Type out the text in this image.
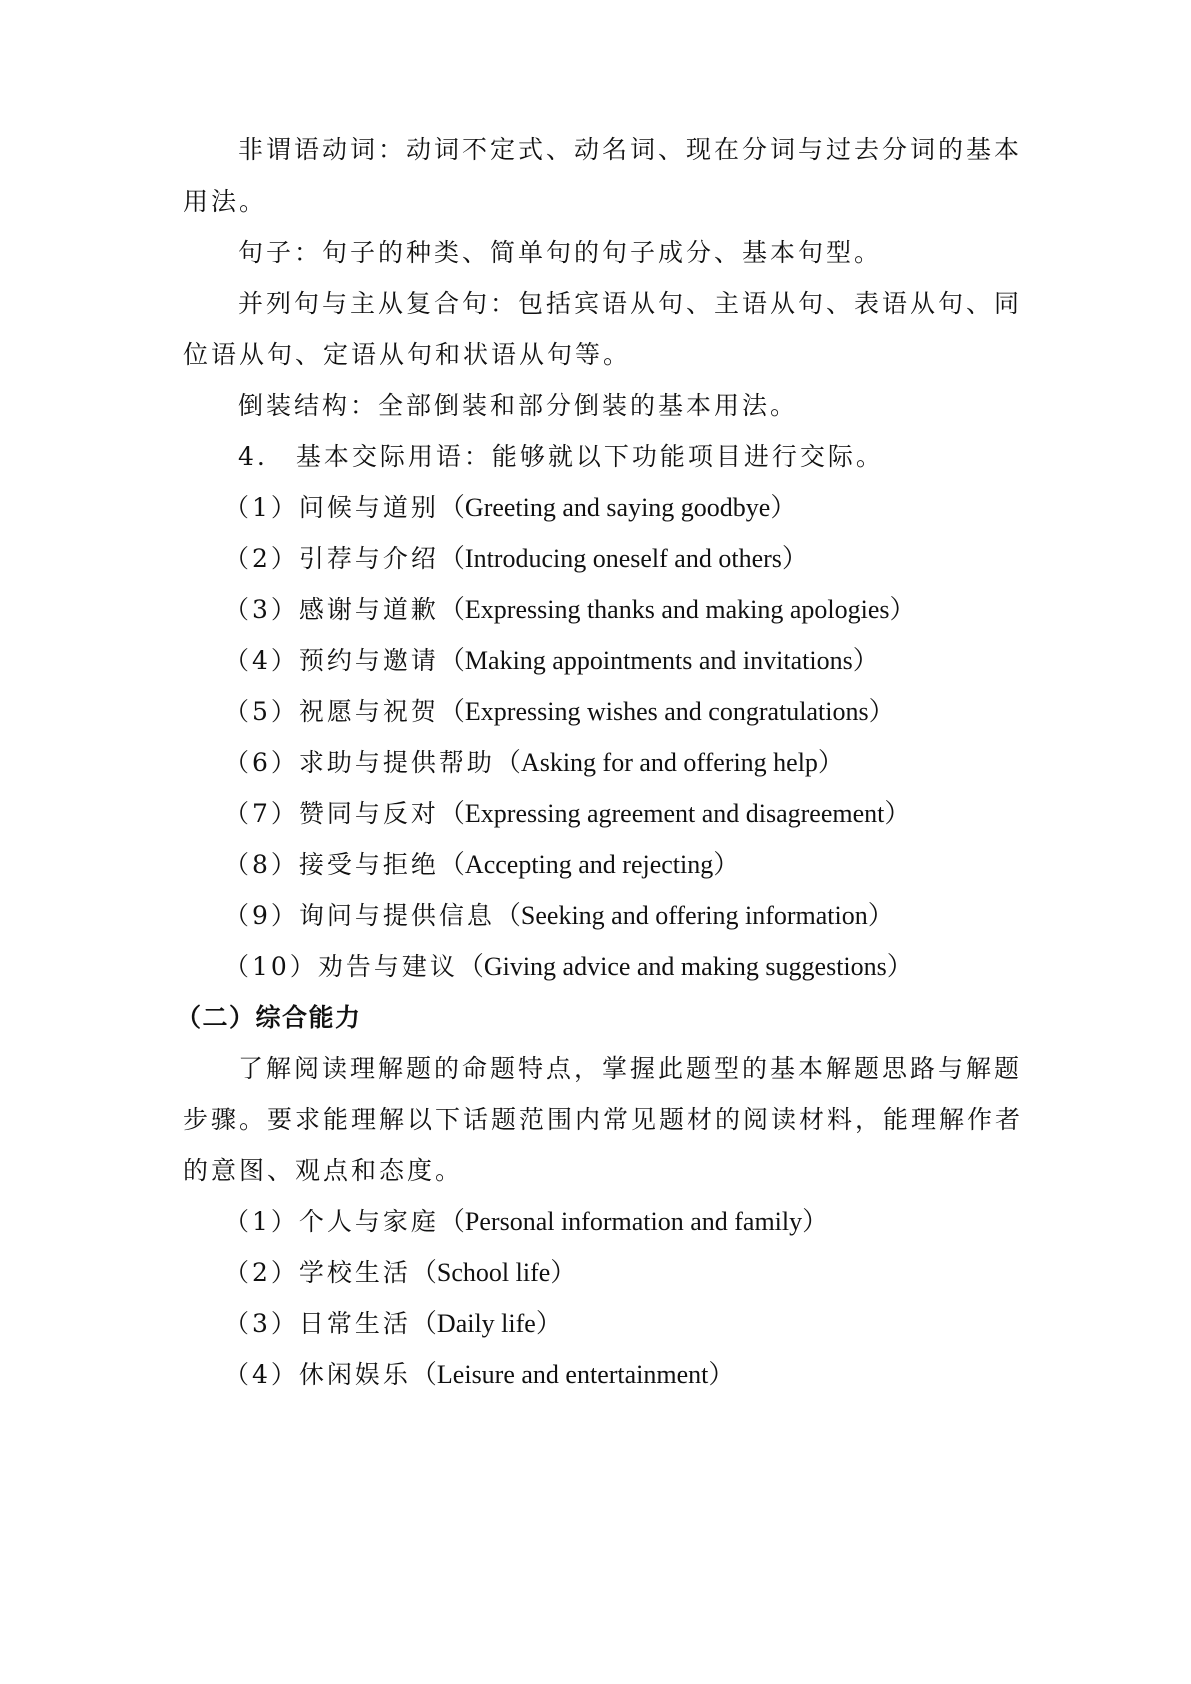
非谓语动词：动词不定式、动名词、现在分词与过去分词的基本
用法。
句子：句子的种类、简单句的句子成分、基本句型。
并列句与主从复合句：包括宾语从句、主语从句、表语从句、同
位语从句、定语从句和状语从句等。
倒装结构：全部倒装和部分倒装的基本用法。
4.　基本交际用语：能够就以下功能项目进行交际。
（1）问候与道别（Greeting and saying goodbye）
（2）引荐与介绍（Introducing oneself and others）
（3）感谢与道歉（Expressing thanks and making apologies）
（4）预约与邀请（Making appointments and invitations）
（5）祝愿与祝贺（Expressing wishes and congratulations）
（6）求助与提供帮助（Asking for and offering help）
（7）赞同与反对（Expressing agreement and disagreement）
（8）接受与拒绝（Accepting and rejecting）
（9）询问与提供信息（Seeking and offering information）
（10）劝告与建议（Giving advice and making suggestions）
（二）综合能力
了解阅读理解题的命题特点，掌握此题型的基本解题思路与解题
步骤。要求能理解以下话题范围内常见题材的阅读材料，能理解作者
的意图、观点和态度。
（1）个人与家庭（Personal information and family）
（2）学校生活（School life）
（3）日常生活（Daily life）
（4）休闲娱乐（Leisure and entertainment）
